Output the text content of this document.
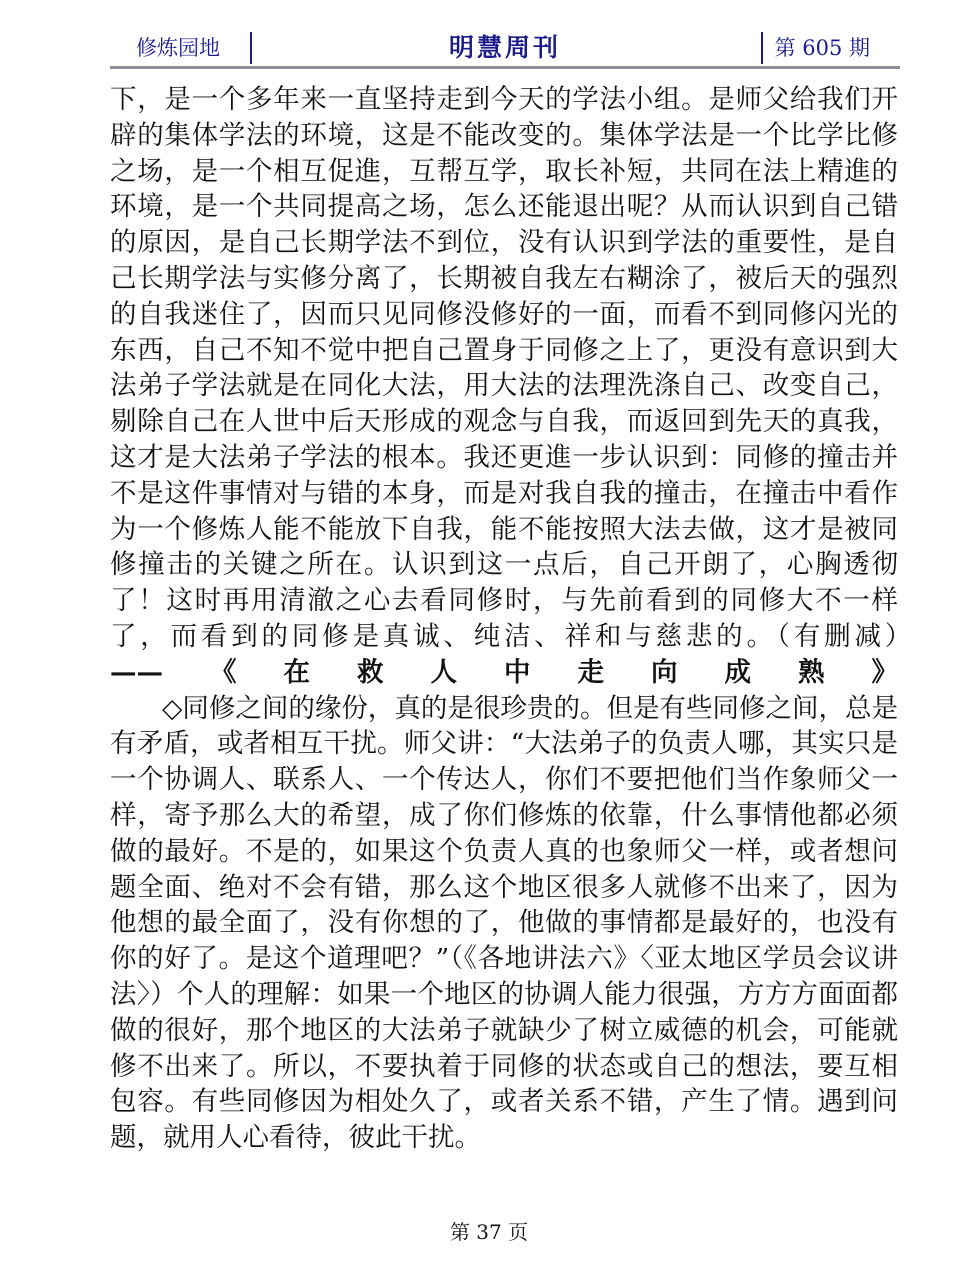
修炼园地	明慧周刊	第 605 期

下，是一个多年来一直坚持走到今天的学法小组。是师父给我们开辟的集体学法的环境，这是不能改变的。集体学法是一个比学比修之场，是一个相互促進，互帮互学，取长补短，共同在法上精進的环境，是一个共同提高之场，怎么还能退出呢？从而认识到自己错的原因，是自己长期学法不到位，没有认识到学法的重要性，是自己长期学法与实修分离了，长期被自我左右糊涂了，被后天的强烈的自我迷住了，因而只见同修没修好的一面，而看不到同修闪光的东西，自己不知不觉中把自己置身于同修之上了，更没有意识到大法弟子学法就是在同化大法，用大法的法理洗涤自己、改变自己，剔除自己在人世中后天形成的观念与自我，而返回到先天的真我，这才是大法弟子学法的根本。我还更進一步认识到：同修的撞击并不是这件事情对与错的本身，而是对我自我的撞击，在撞击中看作为一个修炼人能不能放下自我，能不能按照大法去做，这才是被同修撞击的关键之所在。认识到这一点后，自己开朗了，心胸透彻了！这时再用清澈之心去看同修时，与先前看到的同修大不一样了，而看到的同修是真诚、纯洁、祥和与慈悲的。（有删减）　　　　——《在救人中走向成熟》

◇同修之间的缘份，真的是很珍贵的。但是有些同修之间，总是有矛盾，或者相互干扰。师父讲：“大法弟子的负责人哪，其实只是一个协调人、联系人、一个传达人，你们不要把他们当作象师父一样，寄予那么大的希望，成了你们修炼的依靠，什么事情他都必须做的最好。不是的，如果这个负责人真的也象师父一样，或者想问题全面、绝对不会有错，那么这个地区很多人就修不出来了，因为他想的最全面了，没有你想的了，他做的事情都是最好的，也没有你的好了。是这个道理吧？”（《各地讲法六》〈亚太地区学员会议讲法〉）个人的理解：如果一个地区的协调人能力很强，方方方面面都做的很好，那个地区的大法弟子就缺少了树立威德的机会，可能就修不出来了。所以，不要执着于同修的状态或自己的想法，要互相包容。有些同修因为相处久了，或者关系不错，产生了情。遇到问题，就用人心看待，彼此干扰。

第 37 页
